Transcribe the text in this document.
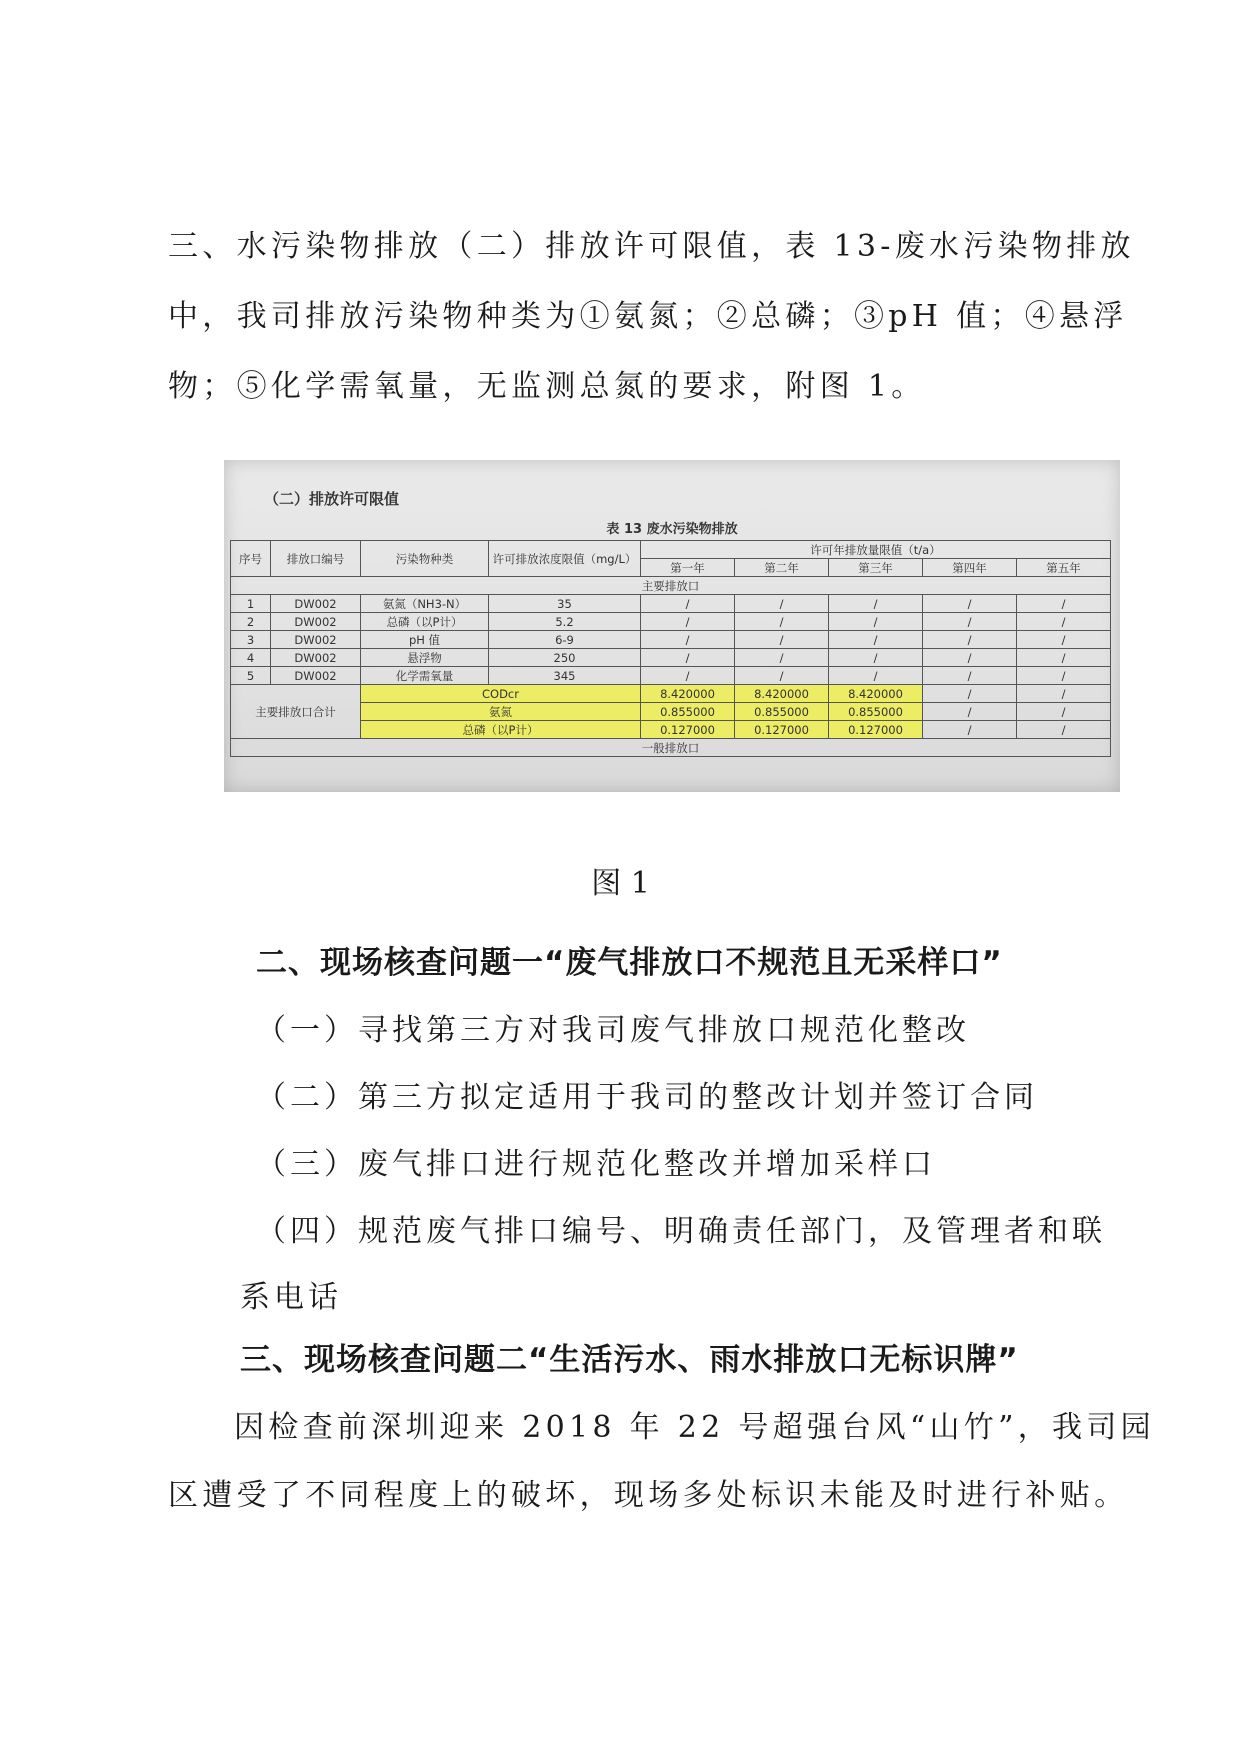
三、水污染物排放（二）排放许可限值，表 13-废水污染物排放
中，我司排放污染物种类为①氨氮；②总磷；③pH 值；④悬浮
物；⑤化学需氧量，无监测总氮的要求，附图 1。
（二）排放许可限值
表 13 废水污染物排放
序号	排放口编号	污染物种类	许可排放浓度限值（mg/L）	许可年排放量限值（t/a）				
				第一年	第二年	第三年	第四年	第五年
主要排放口								
1	DW002	氨氮（NH3-N）	35	/	/	/	/	/
2	DW002	总磷（以P计）	5.2	/	/	/	/	/
3	DW002	pH 值	6-9	/	/	/	/	/
4	DW002	悬浮物	250	/	/	/	/	/
5	DW002	化学需氧量	345	/	/	/	/	/
主要排放口合计		CODcr		8.420000	8.420000	8.420000	/	/
		氨氮		0.855000	0.855000	0.855000	/	/
		总磷（以P计）		0.127000	0.127000	0.127000	/	/
一般排放口								
图 1
二、现场核查问题一“废气排放口不规范且无采样口”
（一）寻找第三方对我司废气排放口规范化整改
（二）第三方拟定适用于我司的整改计划并签订合同
（三）废气排口进行规范化整改并增加采样口
（四）规范废气排口编号、明确责任部门，及管理者和联
系电话
三、现场核查问题二“生活污水、雨水排放口无标识牌”
因检查前深圳迎来 2018 年 22 号超强台风“山竹”，我司园
区遭受了不同程度上的破坏，现场多处标识未能及时进行补贴。
